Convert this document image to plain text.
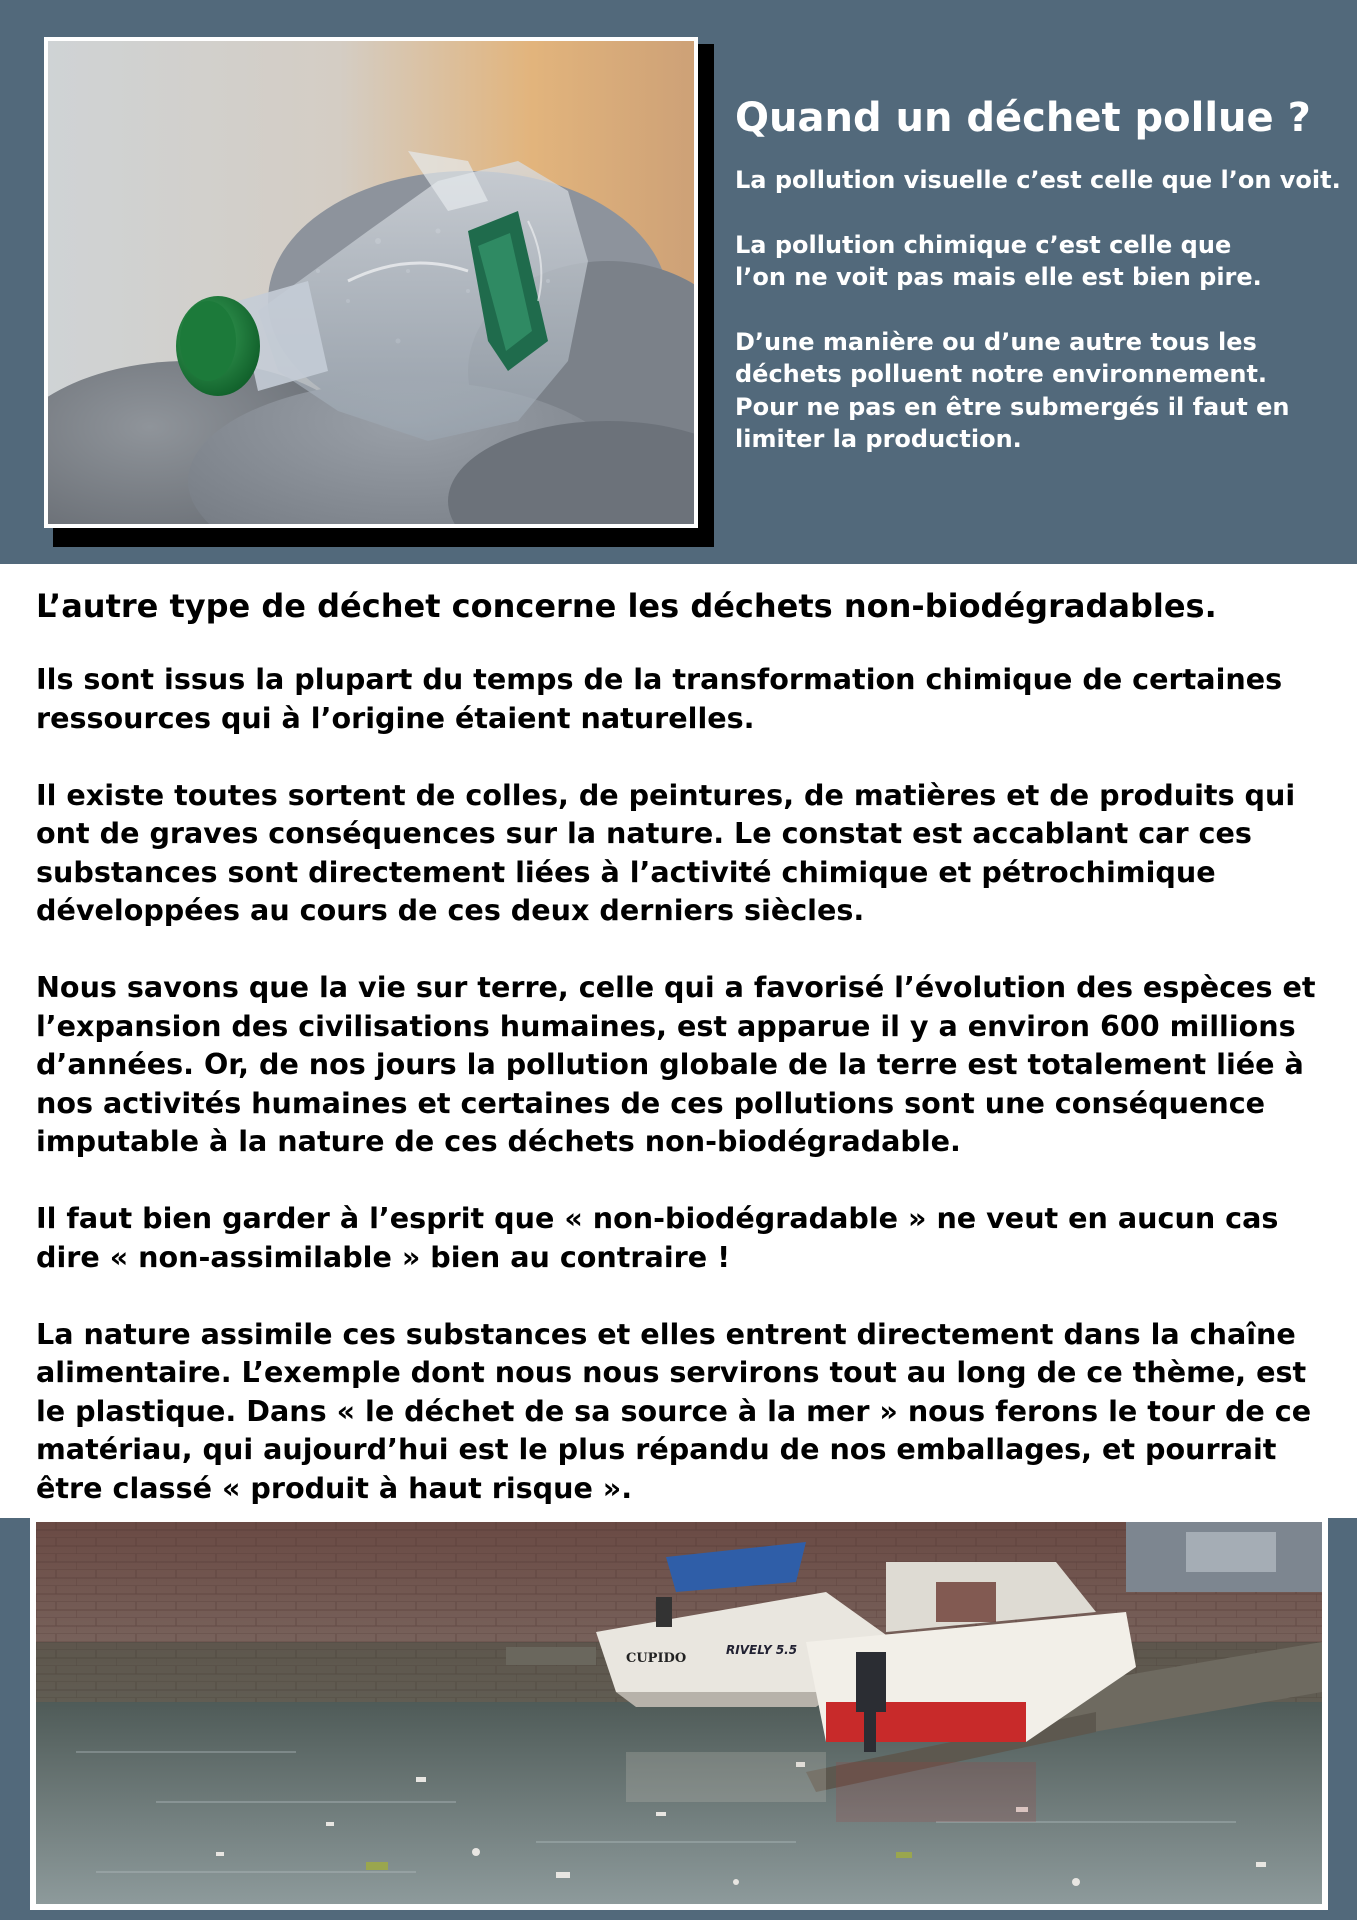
Quand un déchet pollue ?

La pollution visuelle c’est celle que l’on voit.

La pollution chimique c’est celle que
l’on ne voit pas mais elle est bien pire.

D’une manière ou d’une autre tous les
déchets polluent notre environnement.
Pour ne pas en être submergés il faut en
limiter la production.

L’autre type de déchet concerne les déchets non-biodégradables.

Ils sont issus la plupart du temps de la transformation chimique de certaines
ressources qui à l’origine étaient naturelles.

Il existe toutes sortent de colles, de peintures, de matières et de produits qui
ont de graves conséquences sur la nature. Le constat est accablant car ces
substances sont directement liées à l’activité chimique et pétrochimique
développées au cours de ces deux derniers siècles.

Nous savons que la vie sur terre, celle qui a favorisé l’évolution des espèces et
l’expansion des civilisations humaines, est apparue il y a environ 600 millions
d’années. Or, de nos jours la pollution globale de la terre est totalement liée à
nos activités humaines et certaines de ces pollutions sont une conséquence
imputable à la nature de ces déchets non-biodégradable.

Il faut bien garder à l’esprit que « non-biodégradable » ne veut en aucun cas
dire « non-assimilable » bien au contraire !

La nature assimile ces substances et elles entrent directement dans la chaîne
alimentaire. L’exemple dont nous nous servirons tout au long de ce thème, est
le plastique. Dans « le déchet de sa source à la mer » nous ferons le tour de ce
matériau, qui aujourd’hui est le plus répandu de nos emballages, et pourrait
être classé « produit à haut risque ».

CUPIDO
RIVELY 5.5
